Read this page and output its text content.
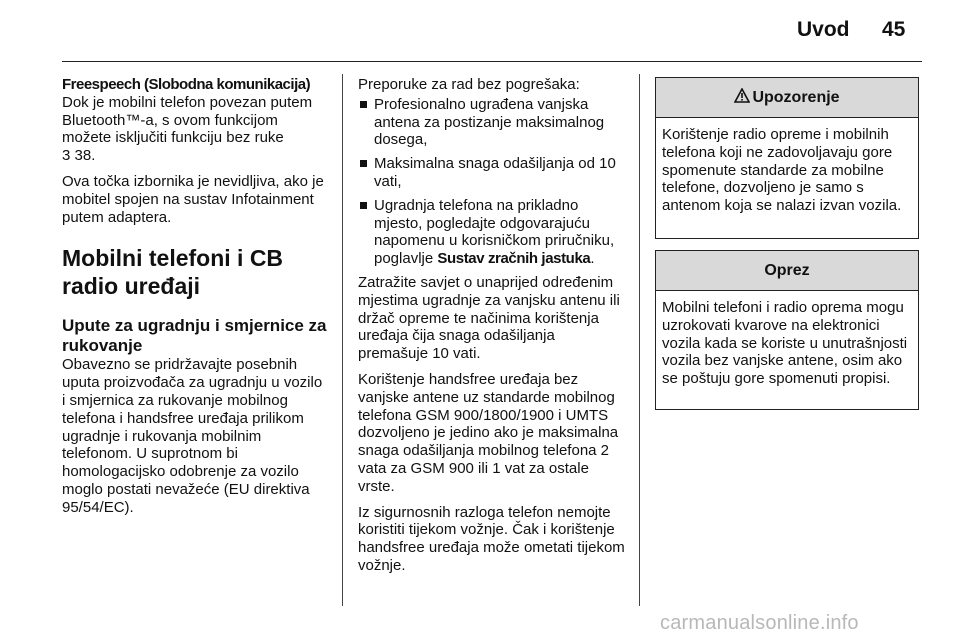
Uvod 45

Freespeech (Slobodna komunikacija)
Dok je mobilni telefon povezan putem Bluetooth™-a, s ovom funkcijom možete isključiti funkciju bez ruke
3 38.

Ova točka izbornika je nevidljiva, ako je mobitel spojen na sustav Infotainment putem adaptera.

Mobilni telefoni i CB radio uređaji
Upute za ugradnju i smjernice za rukovanje

Obavezno se pridržavajte posebnih uputa proizvođača za ugradnju u vozilo i smjernica za rukovanje mobilnog telefona i handsfree uređaja prilikom ugradnje i rukovanja mobilnim telefonom. U suprotnom bi homologacijsko odobrenje za vozilo moglo postati nevažeće (EU direktiva 95/54/EC).

Preporuke za rad bez pogrešaka:

Profesionalno ugrađena vanjska antena za postizanje maksimalnog dosega,
Maksimalna snaga odašiljanja od 10 vati,
Ugradnja telefona na prikladno mjesto, pogledajte odgovarajuću napomenu u korisničkom priručniku, poglavlje Sustav zračnih jastuka.

Zatražite savjet o unaprijed određenim mjestima ugradnje za vanjsku antenu ili držač opreme te načinima korištenja uređaja čija snaga odašiljanja premašuje 10 vati.

Korištenje handsfree uređaja bez vanjske antene uz standarde mobilnog telefona GSM 900/1800/1900 i UMTS dozvoljeno je jedino ako je maksimalna snaga odašiljanja mobilnog telefona 2 vata za GSM 900 ili 1 vat za ostale vrste.

Iz sigurnosnih razloga telefon nemojte koristiti tijekom vožnje. Čak i korištenje handsfree uređaja može ometati tijekom vožnje.

Upozorenje
Korištenje radio opreme i mobilnih telefona koji ne zadovoljavaju gore spomenute standarde za mobilne telefone, dozvoljeno je samo s antenom koja se nalazi izvan vozila.
Oprez
Mobilni telefoni i radio oprema mogu uzrokovati kvarove na elektronici vozila kada se koriste u unutrašnjosti vozila bez vanjske antene, osim ako se poštuju gore spomenuti propisi.
carmanualsonline.info
